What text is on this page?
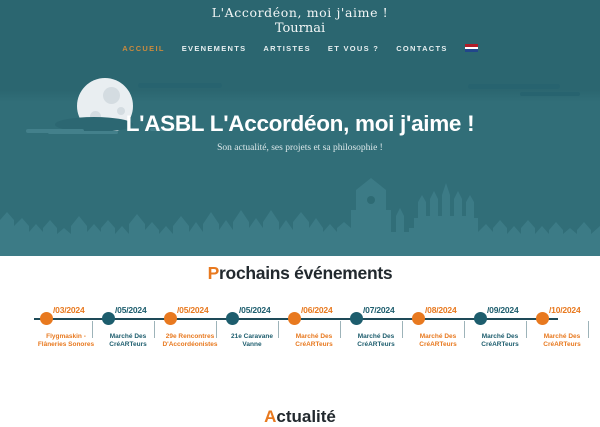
L'Accordéon, moi j'aime !
Tournai
ACCUEIL EVENEMENTS ARTISTES ET VOUS ? CONTACTS
L'ASBL L'Accordéon, moi j'aime !
Son actualité, ses projets et sa philosophie !
Prochains événements
/03/2024
Flygmaskin - Flâneries Sonores
/05/2024
Marché Des CréARTeurs
/05/2024
29e Rencontres D'Accordéonistes
/05/2024
21e Caravane Vanne
/06/2024
Marché Des CréARTeurs
/07/2024
Marché Des CréARTeurs
/08/2024
Marché Des CréARTeurs
/09/2024
Marché Des CréARTeurs
/10/2024
Marché Des CréARTeurs
Actualité
